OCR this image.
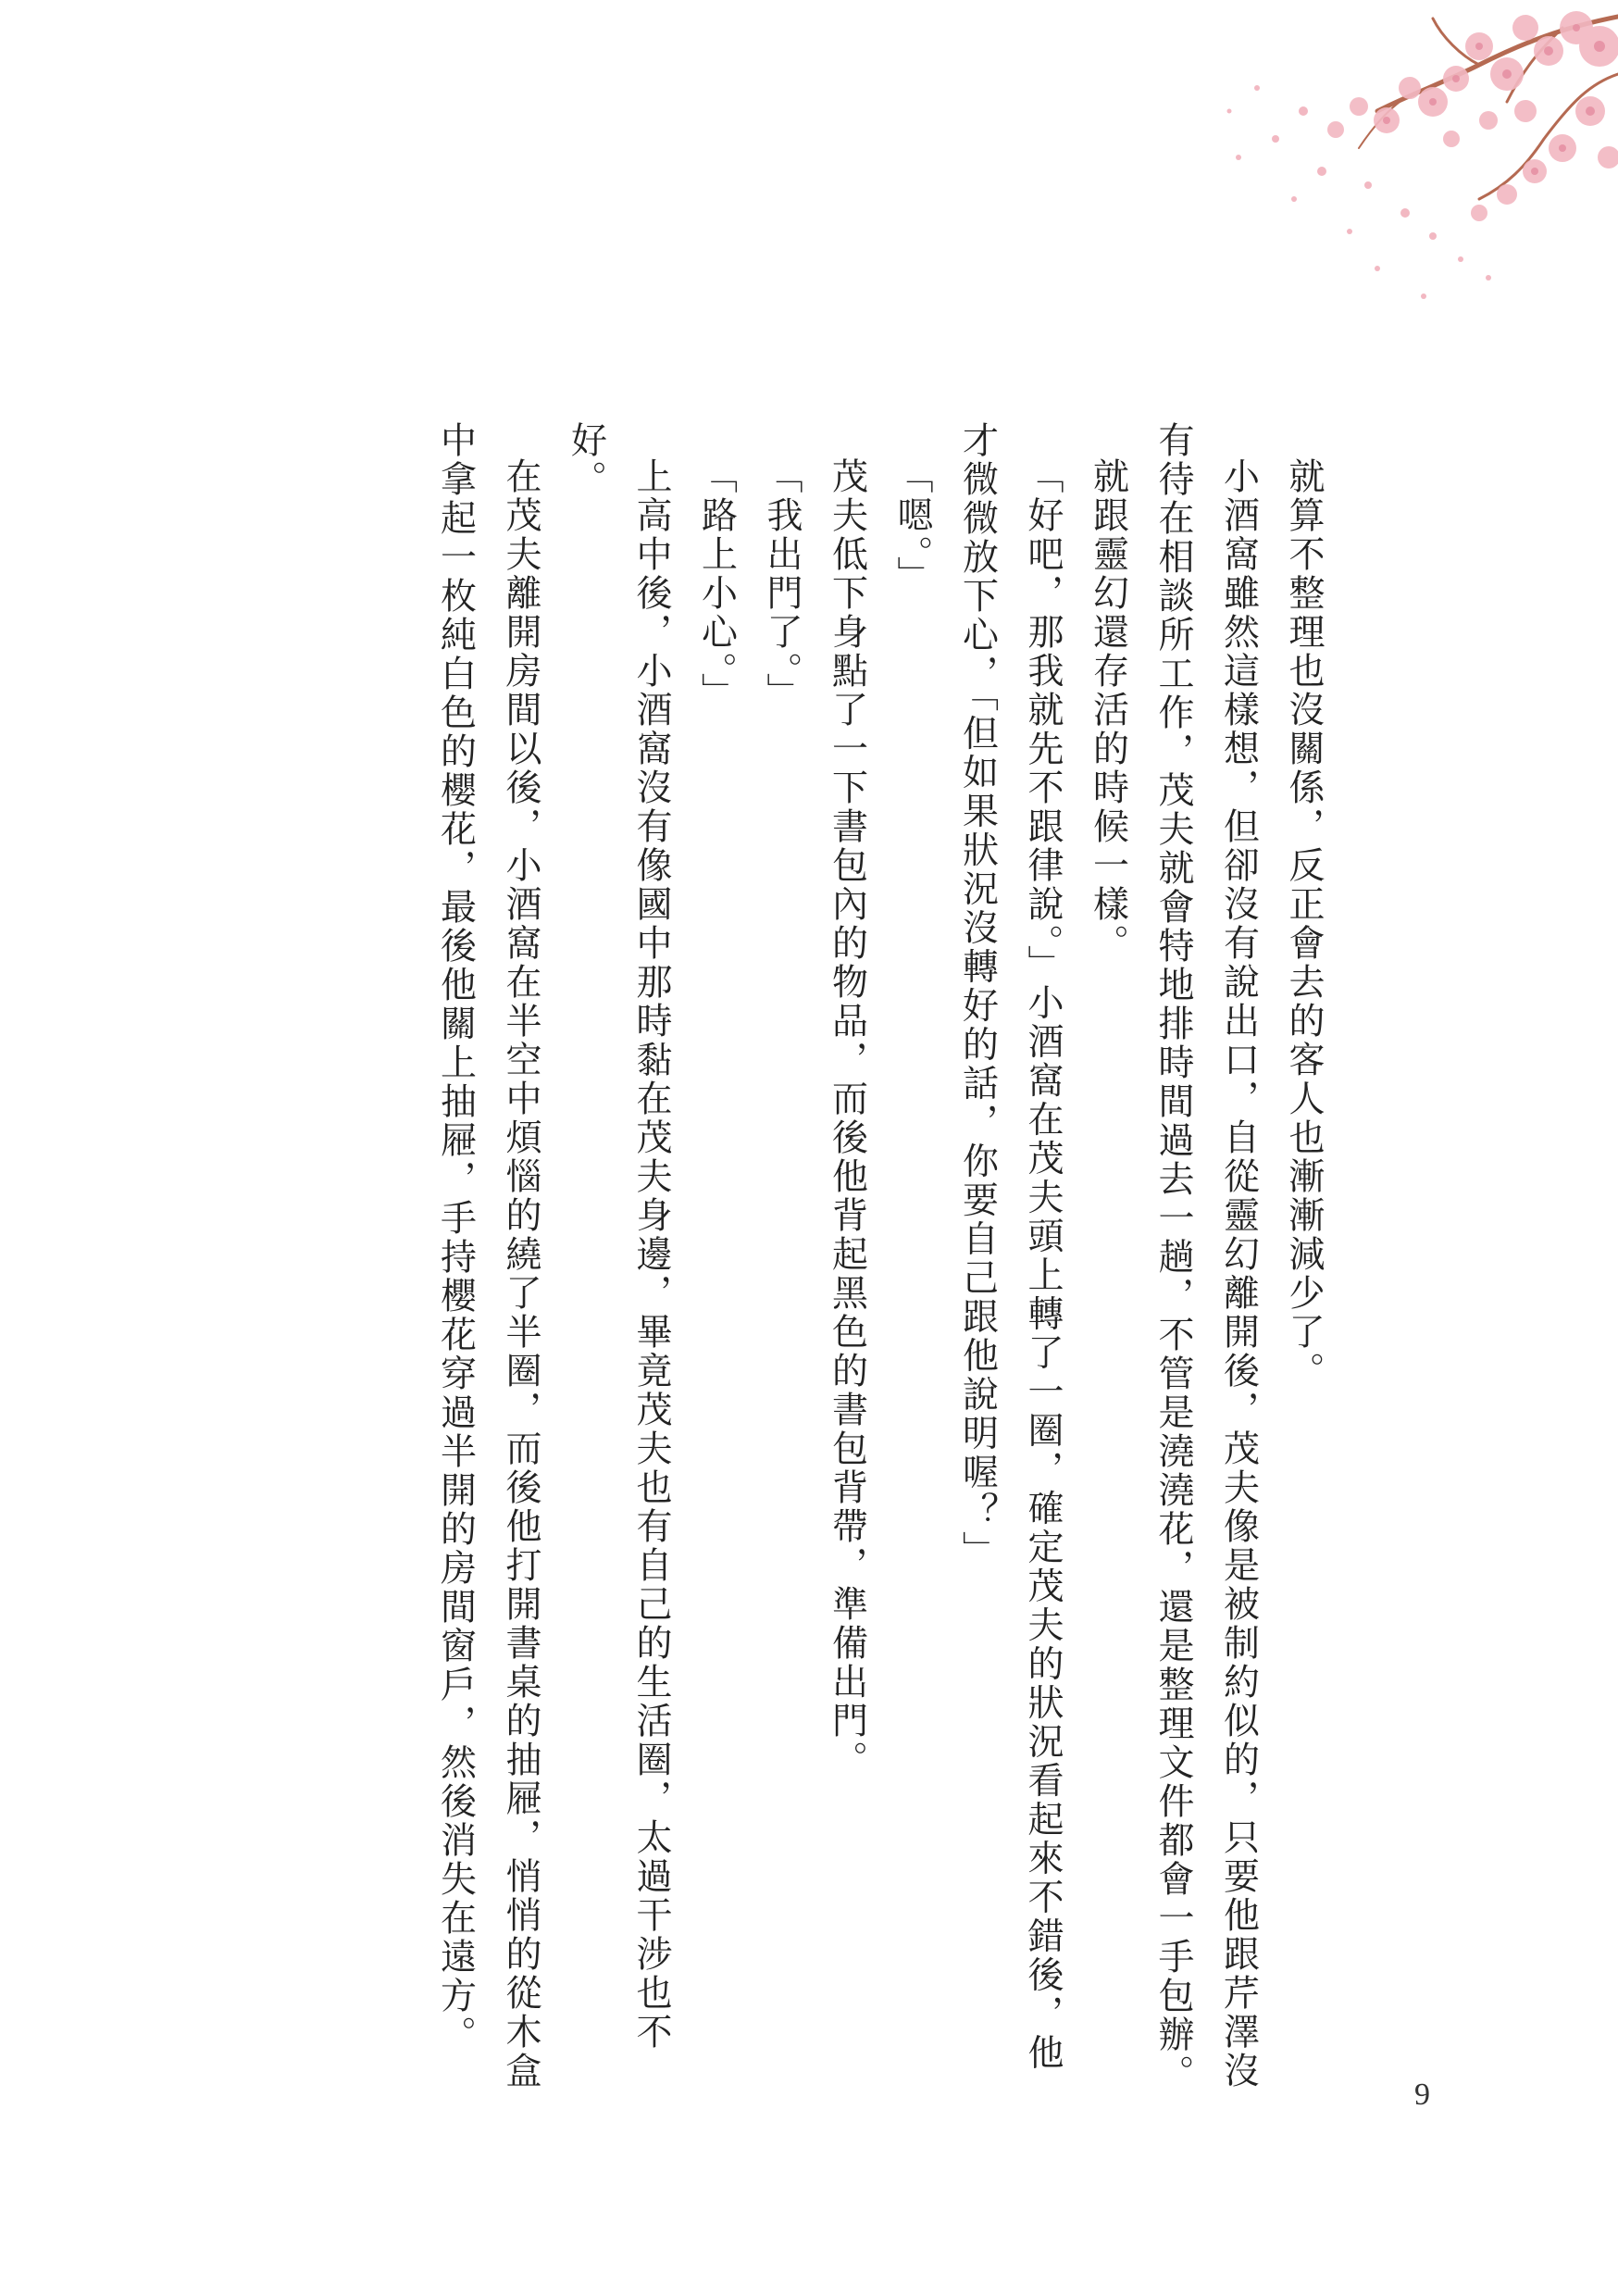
就算不整理也沒關係，反正會去的客人也漸漸減少了。

小酒窩雖然這樣想，但卻沒有說出口，自從靈幻離開後，茂夫像是被制約似的，只要他跟芹澤沒有待在相談所工作，茂夫就會特地排時間過去一趟，不管是澆澆花，還是整理文件都會一手包辦。

就跟靈幻還存活的時候一樣。

「好吧，那我就先不跟律說。」小酒窩在茂夫頭上轉了一圈，確定茂夫的狀況看起來不錯後，他才微微放下心，「但如果狀況沒轉好的話，你要自己跟他說明喔？」

「嗯。」

茂夫低下身點了一下書包內的物品，而後他背起黑色的書包背帶，準備出門。

「我出門了。」

「路上小心。」

上高中後，小酒窩沒有像國中那時黏在茂夫身邊，畢竟茂夫也有自己的生活圈，太過干涉也不好。

在茂夫離開房間以後，小酒窩在半空中煩惱的繞了半圈，而後他打開書桌的抽屜，悄悄的從木盒中拿起一枚純白色的櫻花，最後他關上抽屜，手持櫻花穿過半開的房間窗戶，然後消失在遠方。

9
